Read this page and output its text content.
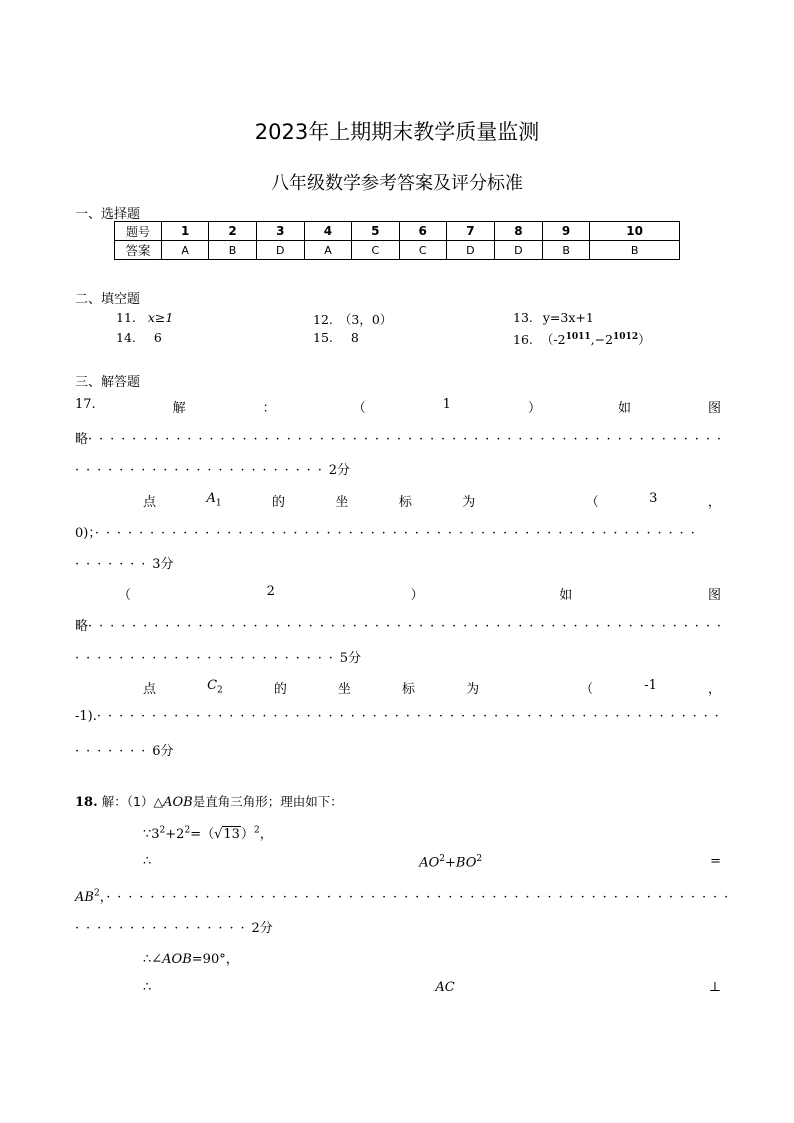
2023年上期期末教学质量监测
八年级数学参考答案及评分标准
一、选择题
题号	1	2	3	4	5	6	7	8	9	10
答案	A	B	D	A	C	C	D	D	B	B
二、填空题
11. x≥1	12. （3，0）	13. y=3x+1
14. 6	15. 8	16. $(-2^{1011},-2^{1012})$
三、解答题
17.	解	：	（	1	）	如	图
略··························································
·······················2分
点	$A_1$	的	坐	标	为	（	3	，
0)；·······················································
·······3分
（	2	）	如	图
略··························································
························5分
点	$C_2$	的	坐	标	为	（	-1	，
-1).·························································
·······6分
18. 解：（1）△AOB是直角三角形；理由如下：
$\because 3^2+2^2=(√13)^2$，
∴	$AO^2+BO^2$	=
$AB^2$，·························································
················2分
∴∠AOB=90°，
∴	AC	⊥
